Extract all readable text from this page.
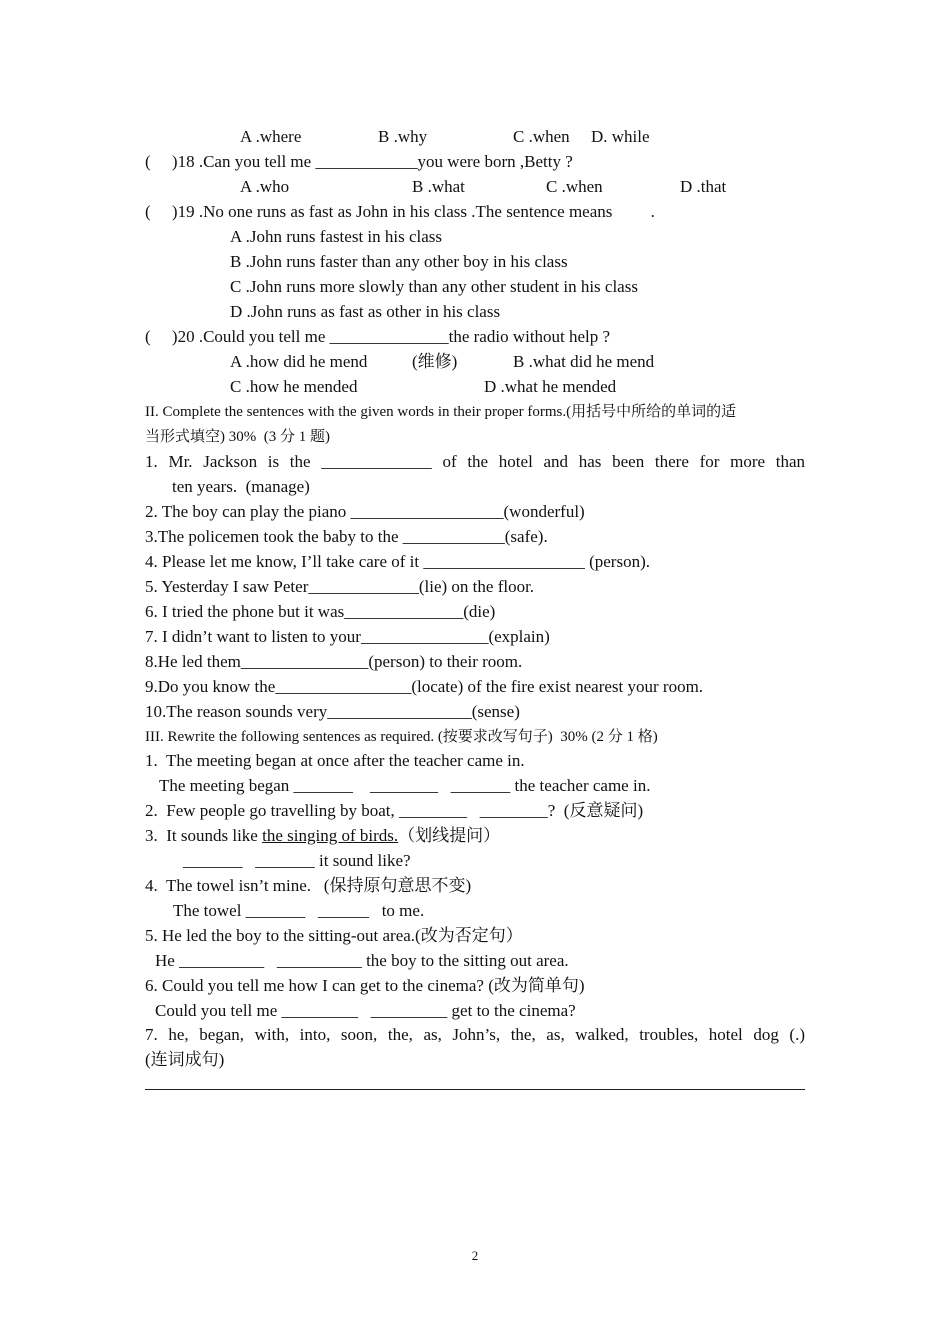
A .where	B .why	C .when D. while
(     )18 .Can you tell me ____________you were born ,Betty ?
A .who	B .what	C .when	D .that
(     )19 .No one runs as fast as John in his class .The sentence means         .
A .John runs fastest in his class
B .John runs faster than any other boy in his class
C .John runs more slowly than any other student in his class
D .John runs as fast as other in his class
(     )20 .Could you tell me ______________the radio without help ?
A .how did he mend	(维修)	B .what did he mend
C .how he mended	D .what he mended
II. Complete the sentences with the given words in their proper forms.(用括号中所给的单词的适
当形式填空) 30%  (3 分 1 题)
1. Mr. Jackson is the _____________ of the hotel and has been there for more than
ten years.  (manage)
2. The boy can play the piano __________________(wonderful)
3.The policemen took the baby to the ____________(safe).
4. Please let me know, I’ll take care of it ___________________ (person).
5. Yesterday I saw Peter_____________(lie) on the floor.
6. I tried the phone but it was______________(die)
7. I didn’t want to listen to your_______________(explain)
8.He led them_______________(person) to their room.
9.Do you know the________________(locate) of the fire exist nearest your room.
10.The reason sounds very_________________(sense)
III. Rewrite the following sentences as required. (按要求改写句子)  30% (2 分 1 格)
1.  The meeting began at once after the teacher came in.
The meeting began _______    ________   _______ the teacher came in.
2.  Few people go travelling by boat, ________   ________?  (反意疑问)
3.  It sounds like the singing of birds.（划线提问）
_______   _______ it sound like?
4.  The towel isn’t mine.   (保持原句意思不变)
The towel _______   ______   to me.
5. He led the boy to the sitting-out area.(改为否定句）
He __________   __________ the boy to the sitting out area.
6. Could you tell me how I can get to the cinema? (改为简单句)
Could you tell me _________   _________ get to the cinema?
7. he, began, with, into, soon, the, as, John’s, the, as, walked, troubles, hotel dog (.)
(连词成句)
2
